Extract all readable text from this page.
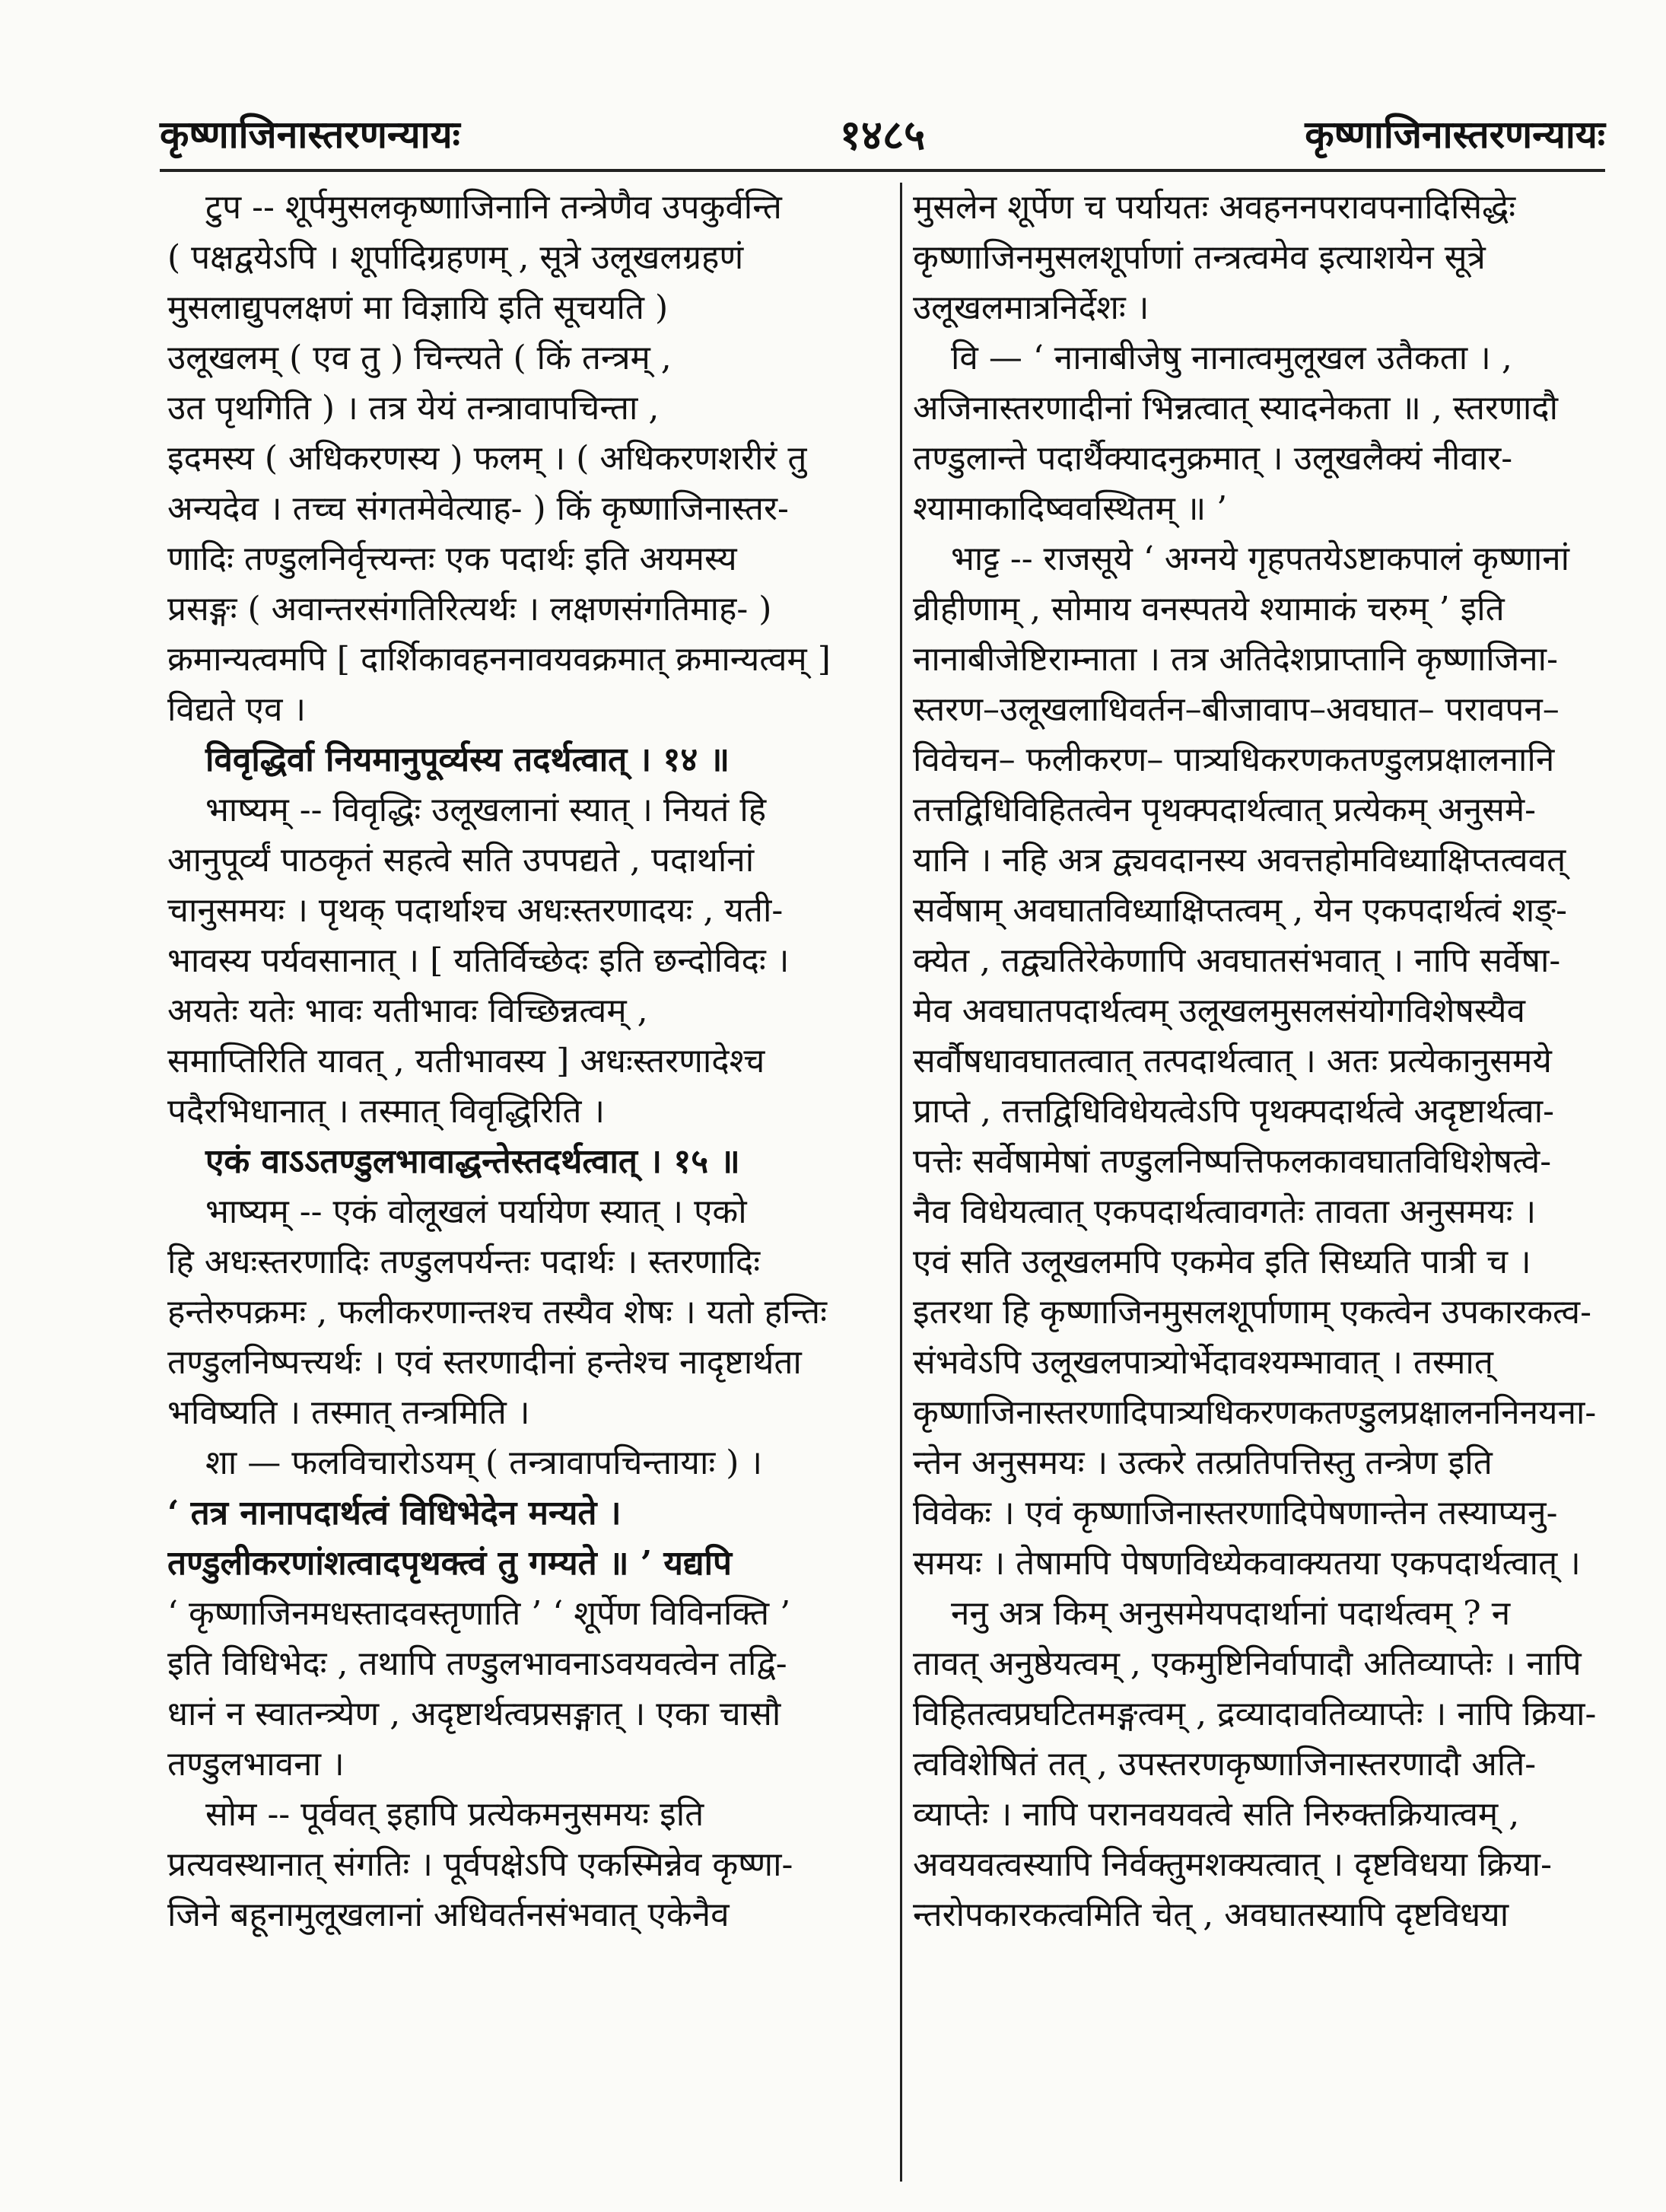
कृष्णाजिनास्तरणन्यायः	१४८५	कृष्णाजिनास्तरणन्यायः
टुप -- शूर्पमुसलकृष्णाजिनानि तन्त्रेणैव उपकुर्वन्ति
( पक्षद्वयेऽपि । शूर्पादिग्रहणम् , सूत्रे उलूखलग्रहणं
मुसलाद्युपलक्षणं मा विज्ञायि इति सूचयति )
उलूखलम् ( एव तु ) चिन्त्यते ( किं तन्त्रम् ,
उत पृथगिति ) । तत्र येयं तन्त्रावापचिन्ता ,
इदमस्य ( अधिकरणस्य ) फलम् । ( अधिकरणशरीरं तु
अन्यदेव । तच्च संगतमेवेत्याह- ) किं कृष्णाजिनास्तर-
णादिः तण्डुलनिर्वृत्त्यन्तः एक पदार्थः इति अयमस्य
प्रसङ्गः ( अवान्तरसंगतिरित्यर्थः । लक्षणसंगतिमाह- )
क्रमान्यत्वमपि [ दार्शिकावहननावयवक्रमात् क्रमान्यत्वम् ]
विद्यते एव ।
विवृद्धिर्वा नियमानुपूर्व्यस्य तदर्थत्वात् । १४ ॥
भाष्यम् -- विवृद्धिः उलूखलानां स्यात् । नियतं हि
आनुपूर्व्यं पाठकृतं सहत्वे सति उपपद्यते , पदार्थानां
चानुसमयः । पृथक् पदार्थाश्च अधःस्तरणादयः , यती-
भावस्य पर्यवसानात् । [ यतिर्विच्छेदः इति छन्दोविदः ।
अयतेः यतेः भावः यतीभावः विच्छिन्नत्वम् ,
समाप्तिरिति यावत् , यतीभावस्य ] अधःस्तरणादेश्च
पदैरभिधानात् । तस्मात् विवृद्धिरिति ।
एकं वाऽऽतण्डुलभावाद्धन्तेस्तदर्थत्वात् । १५ ॥
भाष्यम् -- एकं वोलूखलं पर्यायेण स्यात् । एको
हि अधःस्तरणादिः तण्डुलपर्यन्तः पदार्थः । स्तरणादिः
हन्तेरुपक्रमः , फलीकरणान्तश्च तस्यैव शेषः । यतो हन्तिः
तण्डुलनिष्पत्त्यर्थः । एवं स्तरणादीनां हन्तेश्च नादृष्टार्थता
भविष्यति । तस्मात् तन्त्रमिति ।
शा — फलविचारोऽयम् ( तन्त्रावापचिन्तायाः ) ।
‘ तत्र नानापदार्थत्वं विधिभेदेन मन्यते ।
तण्डुलीकरणांशत्वादपृथक्त्वं तु गम्यते ॥ ’ यद्यपि
‘ कृष्णाजिनमधस्तादवस्तृणाति ’ ‘ शूर्पेण विविनक्ति ’
इति विधिभेदः , तथापि तण्डुलभावनाऽवयवत्वेन तद्वि-
धानं न स्वातन्त्र्येण , अदृष्टार्थत्वप्रसङ्गात् । एका चासौ
तण्डुलभावना ।
सोम -- पूर्ववत् इहापि प्रत्येकमनुसमयः इति
प्रत्यवस्थानात् संगतिः । पूर्वपक्षेऽपि एकस्मिन्नेव कृष्णा-
जिने बहूनामुलूखलानां अधिवर्तनसंभवात् एकेनैव
मुसलेन शूर्पेण च पर्यायतः अवहननपरावपनादिसिद्धेः
कृष्णाजिनमुसलशूर्पाणां तन्त्रत्वमेव इत्याशयेन सूत्रे
उलूखलमात्रनिर्देशः ।
वि — ‘ नानाबीजेषु नानात्वमुलूखल उतैकता । ,
अजिनास्तरणादीनां भिन्नत्वात् स्यादनेकता ॥ , स्तरणादौ
तण्डुलान्ते पदार्थैक्यादनुक्रमात् । उलूखलैक्यं नीवार-
श्यामाकादिष्ववस्थितम् ॥ ’
भाट्ट -- राजसूये ‘ अग्नये गृहपतयेऽष्टाकपालं कृष्णानां
व्रीहीणाम् , सोमाय वनस्पतये श्यामाकं चरुम् ’ इति
नानाबीजेष्टिराम्नाता । तत्र अतिदेशप्राप्तानि कृष्णाजिना-
स्तरण–उलूखलाधिवर्तन–बीजावाप–अवघात– परावपन–
विवेचन– फलीकरण– पात्र्यधिकरणकतण्डुलप्रक्षालनानि
तत्तद्विधिविहितत्वेन पृथक्पदार्थत्वात् प्रत्येकम् अनुसमे-
यानि । नहि अत्र द्व्यवदानस्य अवत्तहोमविध्याक्षिप्तत्ववत्
सर्वेषाम् अवघातविध्याक्षिप्तत्वम् , येन एकपदार्थत्वं शङ्-
क्येत , तद्व्यतिरेकेणापि अवघातसंभवात् । नापि सर्वेषा-
मेव अवघातपदार्थत्वम् उलूखलमुसलसंयोगविशेषस्यैव
सर्वौषधावघातत्वात् तत्पदार्थत्वात् । अतः प्रत्येकानुसमये
प्राप्ते , तत्तद्विधिविधेयत्वेऽपि पृथक्पदार्थत्वे अदृष्टार्थत्वा-
पत्तेः सर्वेषामेषां तण्डुलनिष्पत्तिफलकावघातविधिशेषत्वे-
नैव विधेयत्वात् एकपदार्थत्वावगतेः तावता अनुसमयः ।
एवं सति उलूखलमपि एकमेव इति सिध्यति पात्री च ।
इतरथा हि कृष्णाजिनमुसलशूर्पाणाम् एकत्वेन उपकारकत्व-
संभवेऽपि उलूखलपात्र्योर्भेदावश्यम्भावात् । तस्मात्
कृष्णाजिनास्तरणादिपात्र्यधिकरणकतण्डुलप्रक्षालननिनयना-
न्तेन अनुसमयः । उत्करे तत्प्रतिपत्तिस्तु तन्त्रेण इति
विवेकः । एवं कृष्णाजिनास्तरणादिपेषणान्तेन तस्याप्यनु-
समयः । तेषामपि पेषणविध्येकवाक्यतया एकपदार्थत्वात् ।
ननु अत्र किम् अनुसमेयपदार्थानां पदार्थत्वम् ? न
तावत् अनुष्ठेयत्वम् , एकमुष्टिनिर्वापादौ अतिव्याप्तेः । नापि
विहितत्वप्रघटितमङ्गत्वम् , द्रव्यादावतिव्याप्तेः । नापि क्रिया-
त्वविशेषितं तत् , उपस्तरणकृष्णाजिनास्तरणादौ अति-
व्याप्तेः । नापि परानवयवत्वे सति निरुक्तक्रियात्वम् ,
अवयवत्वस्यापि निर्वक्तुमशक्यत्वात् । दृष्टविधया क्रिया-
न्तरोपकारकत्वमिति चेत् , अवघातस्यापि दृष्टविधया
